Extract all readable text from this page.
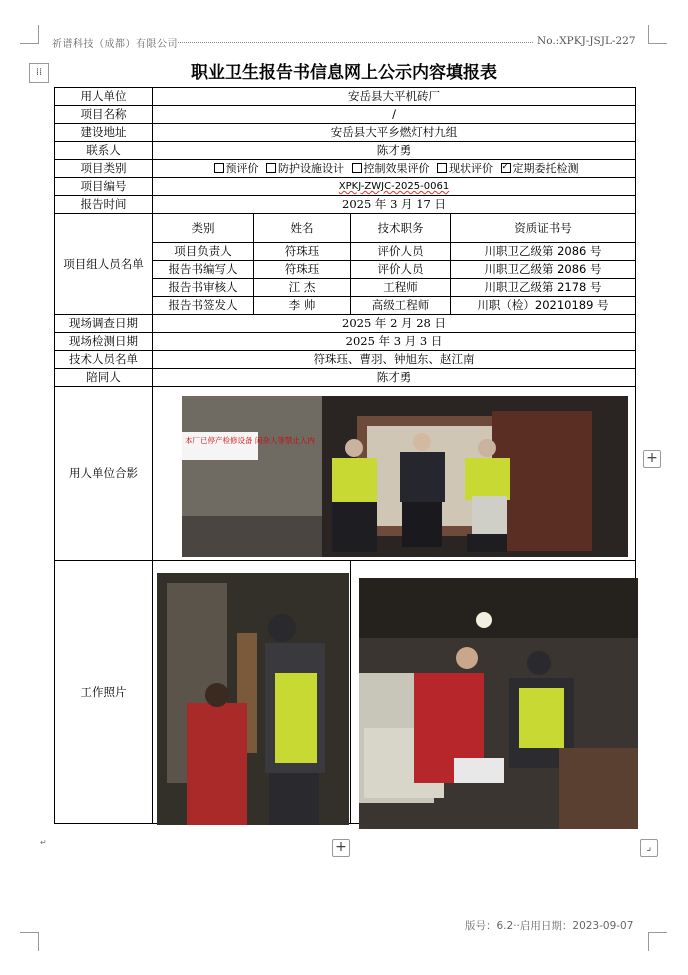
祈谱科技（成都）有限公司	No.:XPKJ-JSJL-227
⁞⁞	职业卫生报告书信息网上公示内容填报表
用人单位	安岳县大平机砖厂			
项目名称	/			
建设地址	安岳县大平乡燃灯村九组			
联系人	陈才勇			
项目类别	预评价 防护设施设计 控制效果评价 现状评价 ✓ 定期委托检测
项目编号	XPKJ-ZWJC-2025-0061			
报告时间	2025 年 3 月 17 日			
项目组人员名单	类别	姓名	技术职务	资质证书号
	项目负责人	符珠珏	评价人员	川职卫乙级第 2086 号
	报告书编写人	符珠珏	评价人员	川职卫乙级第 2086 号
	报告书审核人	江 杰	工程师	川职卫乙级第 2178 号
	报告书签发人	李 帅	高级工程师	川职（检）20210189 号
现场调查日期	2025 年 2 月 28 日			
现场检测日期	2025 年 3 月 3 日			
技术人员名单	符珠珏、曹羽、钟旭东、赵江南			
陪同人	陈才勇			
用人单位合影				
工作照片				
本厂已停产检修设备 闲杂人等禁止入内
+
+	⌟
↵
版号：6.2··启用日期：2023-09-07
